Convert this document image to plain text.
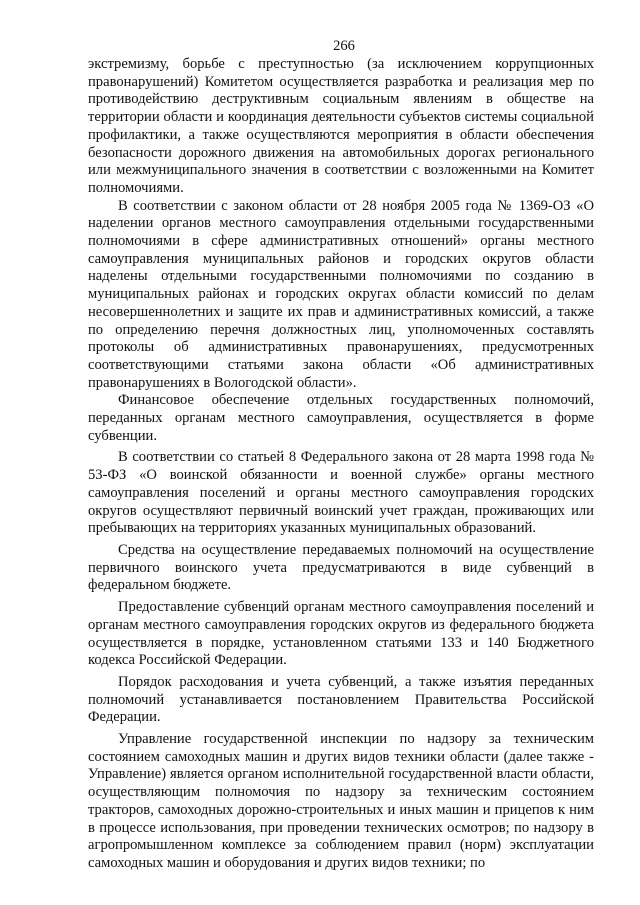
266

экстремизму, борьбе с преступностью (за исключением коррупционных правонарушений) Комитетом осуществляется разработка и реализация мер по противодействию деструктивным социальным явлениям в обществе на территории области и координация деятельности субъектов системы социальной профилактики, а также осуществляются мероприятия в области обеспечения безопасности дорожного движения на автомобильных дорогах регионального или межмуниципального значения в соответствии с возложенными на Комитет полномочиями.

В соответствии с законом области от 28 ноября 2005 года № 1369-ОЗ «О наделении органов местного самоуправления отдельными государственными полномочиями в сфере административных отношений» органы местного самоуправления муниципальных районов и городских округов области наделены отдельными государственными полномочиями по созданию в муниципальных районах и городских округах области комиссий по делам несовершеннолетних и защите их прав и административных комиссий, а также по определению перечня должностных лиц, уполномоченных составлять протоколы об административных правонарушениях, предусмотренных соответствующими статьями закона области «Об административных правонарушениях в Вологодской области».

Финансовое обеспечение отдельных государственных полномочий, переданных органам местного самоуправления, осуществляется в форме субвенции.

В соответствии со статьей 8 Федерального закона от 28 марта 1998 года № 53-ФЗ «О воинской обязанности и военной службе» органы местного самоуправления поселений и органы местного самоуправления городских округов осуществляют первичный воинский учет граждан, проживающих или пребывающих на территориях указанных муниципальных образований.

Средства на осуществление передаваемых полномочий на осуществление первичного воинского учета предусматриваются в виде субвенций в федеральном бюджете.

Предоставление субвенций органам местного самоуправления поселений и органам местного самоуправления городских округов из федерального бюджета осуществляется в порядке, установленном статьями 133 и 140 Бюджетного кодекса Российской Федерации.

Порядок расходования и учета субвенций, а также изъятия переданных полномочий устанавливается постановлением Правительства Российской Федерации.

Управление государственной инспекции по надзору за техническим состоянием самоходных машин и других видов техники области (далее также - Управление) является органом исполнительной государственной власти области, осуществляющим полномочия по надзору за техническим состоянием тракторов, самоходных дорожно-строительных и иных машин и прицепов к ним в процессе использования, при проведении технических осмотров; по надзору в агропромышленном комплексе за соблюдением правил (норм) эксплуатации самоходных машин и оборудования и других видов техники; по
